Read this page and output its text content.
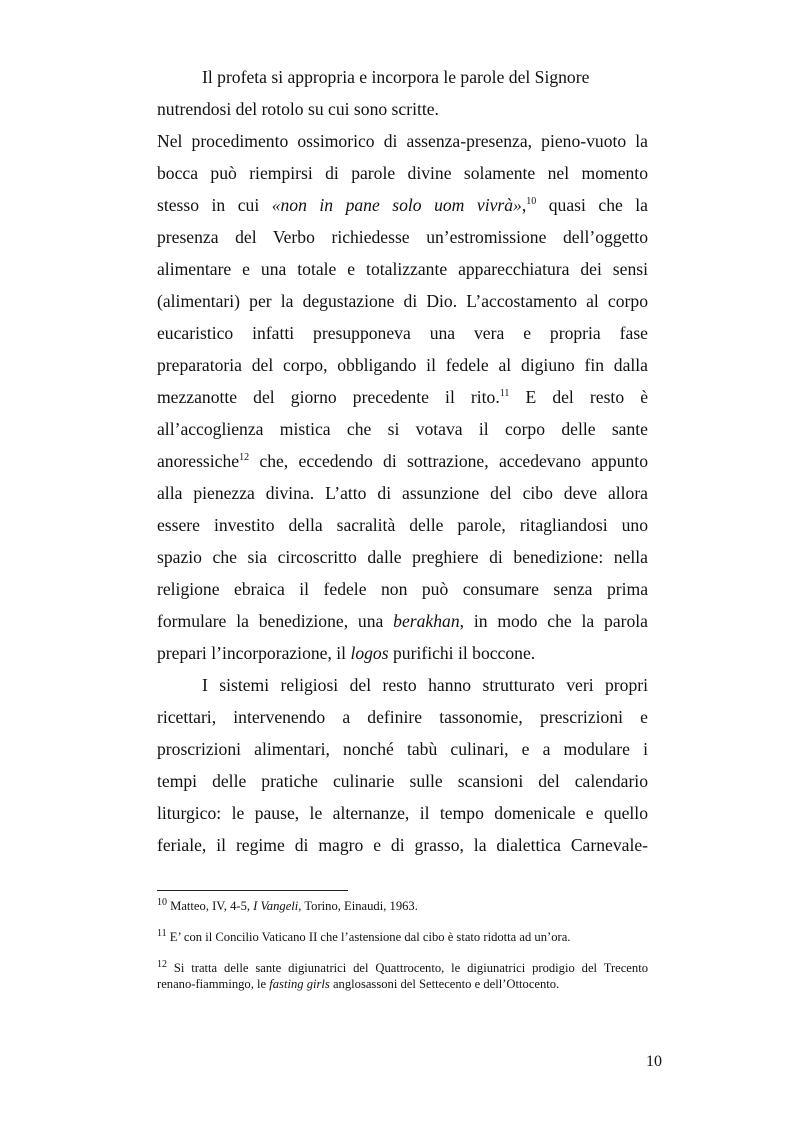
Il profeta si appropria e incorpora le parole del Signore
nutrendosi del rotolo su cui sono scritte.
Nel procedimento ossimorico di assenza-presenza, pieno-vuoto la
bocca può riempirsi di parole divine solamente nel momento
stesso in cui «non in pane solo uom vivrà»,$^{10}$ quasi che la
presenza del Verbo richiedesse un’estromissione dell’oggetto
alimentare e una totale e totalizzante apparecchiatura dei sensi
(alimentari) per la degustazione di Dio. L’accostamento al corpo
eucaristico infatti presupponeva una vera e propria fase
preparatoria del corpo, obbligando il fedele al digiuno fin dalla
mezzanotte del giorno precedente il rito.$^{11}$ E del resto è
all’accoglienza mistica che si votava il corpo delle sante
anoressiche$^{12}$ che, eccedendo di sottrazione, accedevano appunto
alla pienezza divina. L’atto di assunzione del cibo deve allora
essere investito della sacralità delle parole, ritagliandosi uno
spazio che sia circoscritto dalle preghiere di benedizione: nella
religione ebraica il fedele non può consumare senza prima
formulare la benedizione, una berakhan, in modo che la parola
prepari l’incorporazione, il logos purifichi il boccone.
I sistemi religiosi del resto hanno strutturato veri propri
ricettari, intervenendo a definire tassonomie, prescrizioni e
proscrizioni alimentari, nonché tabù culinari, e a modulare i
tempi delle pratiche culinarie sulle scansioni del calendario
liturgico: le pause, le alternanze, il tempo domenicale e quello
feriale, il regime di magro e di grasso, la dialettica Carnevale-
$^{10}$ Matteo, IV, 4-5, I Vangeli, Torino, Einaudi, 1963.
$^{11}$ E’ con il Concilio Vaticano II che l’astensione dal cibo è stato ridotta ad un’ora.
$^{12}$ Si tratta delle sante digiunatrici del Quattrocento, le digiunatrici prodigio del Trecento
renano-fiammingo, le fasting girls anglosassoni del Settecento e dell’Ottocento.
10
